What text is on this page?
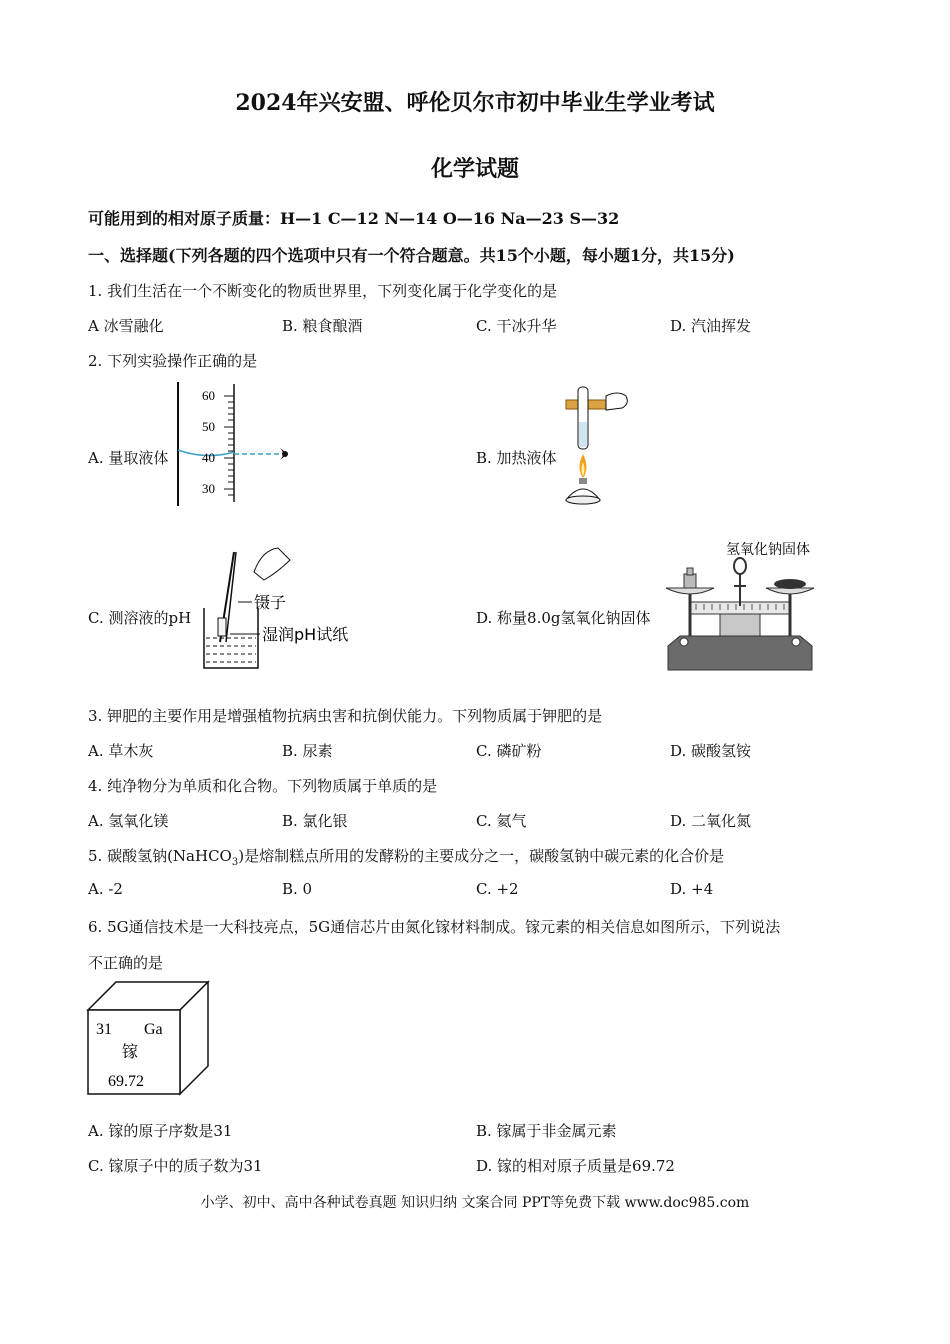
2024年兴安盟、呼伦贝尔市初中毕业生学业考试
化学试题
可能用到的相对原子质量：H—1 C—12 N—14 O—16 Na—23 S—32
一、选择题(下列各题的四个选项中只有一个符合题意。共15个小题，每小题1分，共15分)
1. 我们生活在一个不断变化的物质世界里，下列变化属于化学变化的是
A 冰雪融化	B. 粮食酿酒	C. 干冰升华	D. 汽油挥发
2. 下列实验操作正确的是
A. 量取液体
60
50
40
30
B. 加热液体
C. 测溶液的pH
镊子
湿润pH试纸
D. 称量8.0g氢氧化钠固体
氢氧化钠固体
3. 钾肥的主要作用是增强植物抗病虫害和抗倒伏能力。下列物质属于钾肥的是
A. 草木灰	B. 尿素	C. 磷矿粉	D. 碳酸氢铵
4. 纯净物分为单质和化合物。下列物质属于单质的是
A. 氢氧化镁	B. 氯化银	C. 氦气	D. 二氧化氮
5. 碳酸氢钠(NaHCO$_3$)是熔制糕点所用的发酵粉的主要成分之一，碳酸氢钠中碳元素的化合价是
A. -2	B. 0	C. +2	D. +4
6. 5G通信技术是一大科技亮点，5G通信芯片由氮化镓材料制成。镓元素的相关信息如图所示，下列说法
不正确的是
31 Ga
镓
69.72
A. 镓的原子序数是31	B. 镓属于非金属元素
C. 镓原子中的质子数为31	D. 镓的相对原子质量是69.72
小学、初中、高中各种试卷真题 知识归纳 文案合同 PPT等免费下载 www.doc985.com
